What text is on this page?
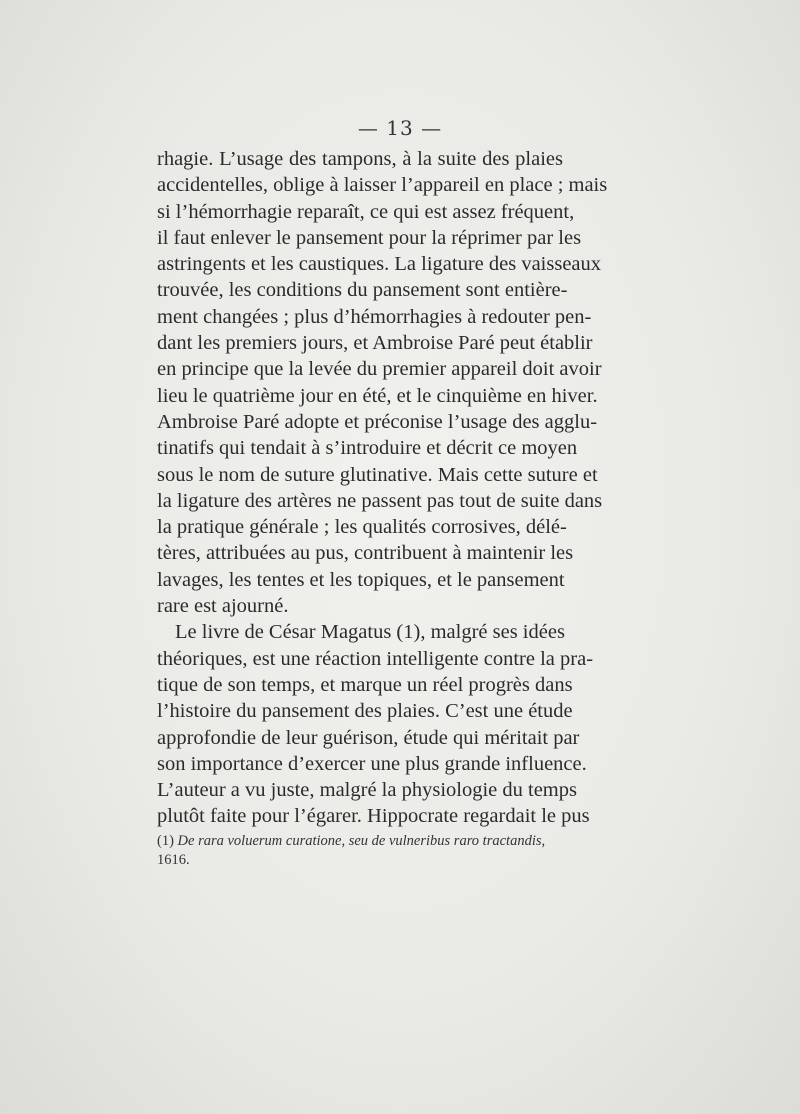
— 13 —
rhagie. L’usage des tampons, à la suite des plaies
accidentelles, oblige à laisser l’appareil en place ; mais
si l’hémorrhagie reparaît, ce qui est assez fréquent,
il faut enlever le pansement pour la réprimer par les
astringents et les caustiques. La ligature des vaisseaux
trouvée, les conditions du pansement sont entière-
ment changées ; plus d’hémorrhagies à redouter pen-
dant les premiers jours, et Ambroise Paré peut établir
en principe que la levée du premier appareil doit avoir
lieu le quatrième jour en été, et le cinquième en hiver.
Ambroise Paré adopte et préconise l’usage des agglu-
tinatifs qui tendait à s’introduire et décrit ce moyen
sous le nom de suture glutinative. Mais cette suture et
la ligature des artères ne passent pas tout de suite dans
la pratique générale ; les qualités corrosives, délé-
tères, attribuées au pus, contribuent à maintenir les
lavages, les tentes et les topiques, et le pansement
rare est ajourné.
Le livre de César Magatus (1), malgré ses idées
théoriques, est une réaction intelligente contre la pra-
tique de son temps, et marque un réel progrès dans
l’histoire du pansement des plaies. C’est une étude
approfondie de leur guérison, étude qui méritait par
son importance d’exercer une plus grande influence.
L’auteur a vu juste, malgré la physiologie du temps
plutôt faite pour l’égarer. Hippocrate regardait le pus
(1) De rara voluerum curatione, seu de vulneribus raro tractandis,
1616.
